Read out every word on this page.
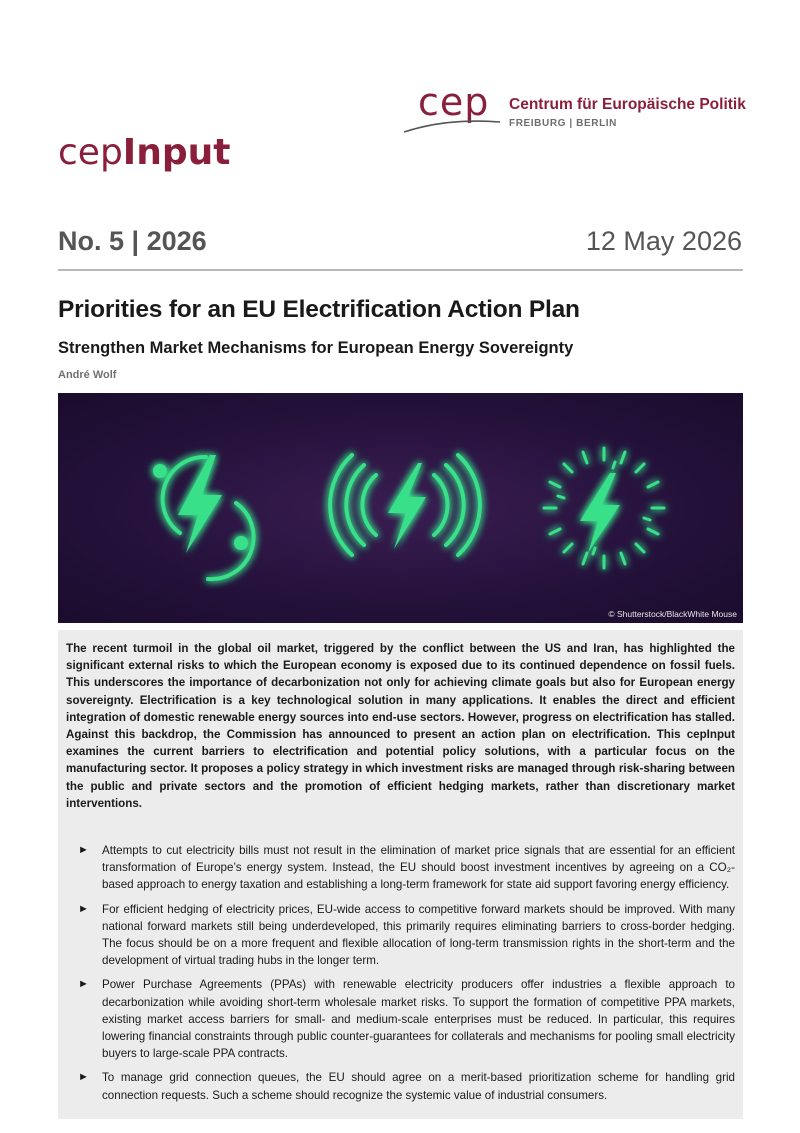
cep Centrum für Europäische Politik
FREIBURG | BERLIN
cepInput
No. 5 | 2026	12 May 2026
Priorities for an EU Electrification Action Plan
Strengthen Market Mechanisms for European Energy Sovereignty
André Wolf
© Shutterstock/BlackWhite Mouse

The recent turmoil in the global oil market, triggered by the conflict between the US and Iran, has highlighted the significant external risks to which the European economy is exposed due to its continued dependence on fossil fuels. This underscores the importance of decarbonization not only for achieving climate goals but also for European energy sovereignty. Electrification is a key technological solution in many applications. It enables the direct and efficient integration of domestic renewable energy sources into end-use sectors. However, progress on electrification has stalled. Against this backdrop, the Commission has announced to present an action plan on electrification. This cepInput examines the current barriers to electrification and potential policy solutions, with a particular focus on the manufacturing sector. It proposes a policy strategy in which investment risks are managed through risk-sharing between the public and private sectors and the promotion of efficient hedging markets, rather than discretionary market interventions.

► Attempts to cut electricity bills must not result in the elimination of market price signals that are essential for an efficient transformation of Europe’s energy system. Instead, the EU should boost investment incentives by agreeing on a CO₂-based approach to energy taxation and establishing a long-term framework for state aid support favoring energy efficiency.
► For efficient hedging of electricity prices, EU-wide access to competitive forward markets should be improved. With many national forward markets still being underdeveloped, this primarily requires eliminating barriers to cross-border hedging. The focus should be on a more frequent and flexible allocation of long-term transmission rights in the short-term and the development of virtual trading hubs in the longer term.
► Power Purchase Agreements (PPAs) with renewable electricity producers offer industries a flexible approach to decarbonization while avoiding short-term wholesale market risks. To support the formation of competitive PPA markets, existing market access barriers for small- and medium-scale enterprises must be reduced. In particular, this requires lowering financial constraints through public counter-guarantees for collaterals and mechanisms for pooling small electricity buyers to large-scale PPA contracts.
► To manage grid connection queues, the EU should agree on a merit-based prioritization scheme for handling grid connection requests. Such a scheme should recognize the systemic value of industrial consumers.
